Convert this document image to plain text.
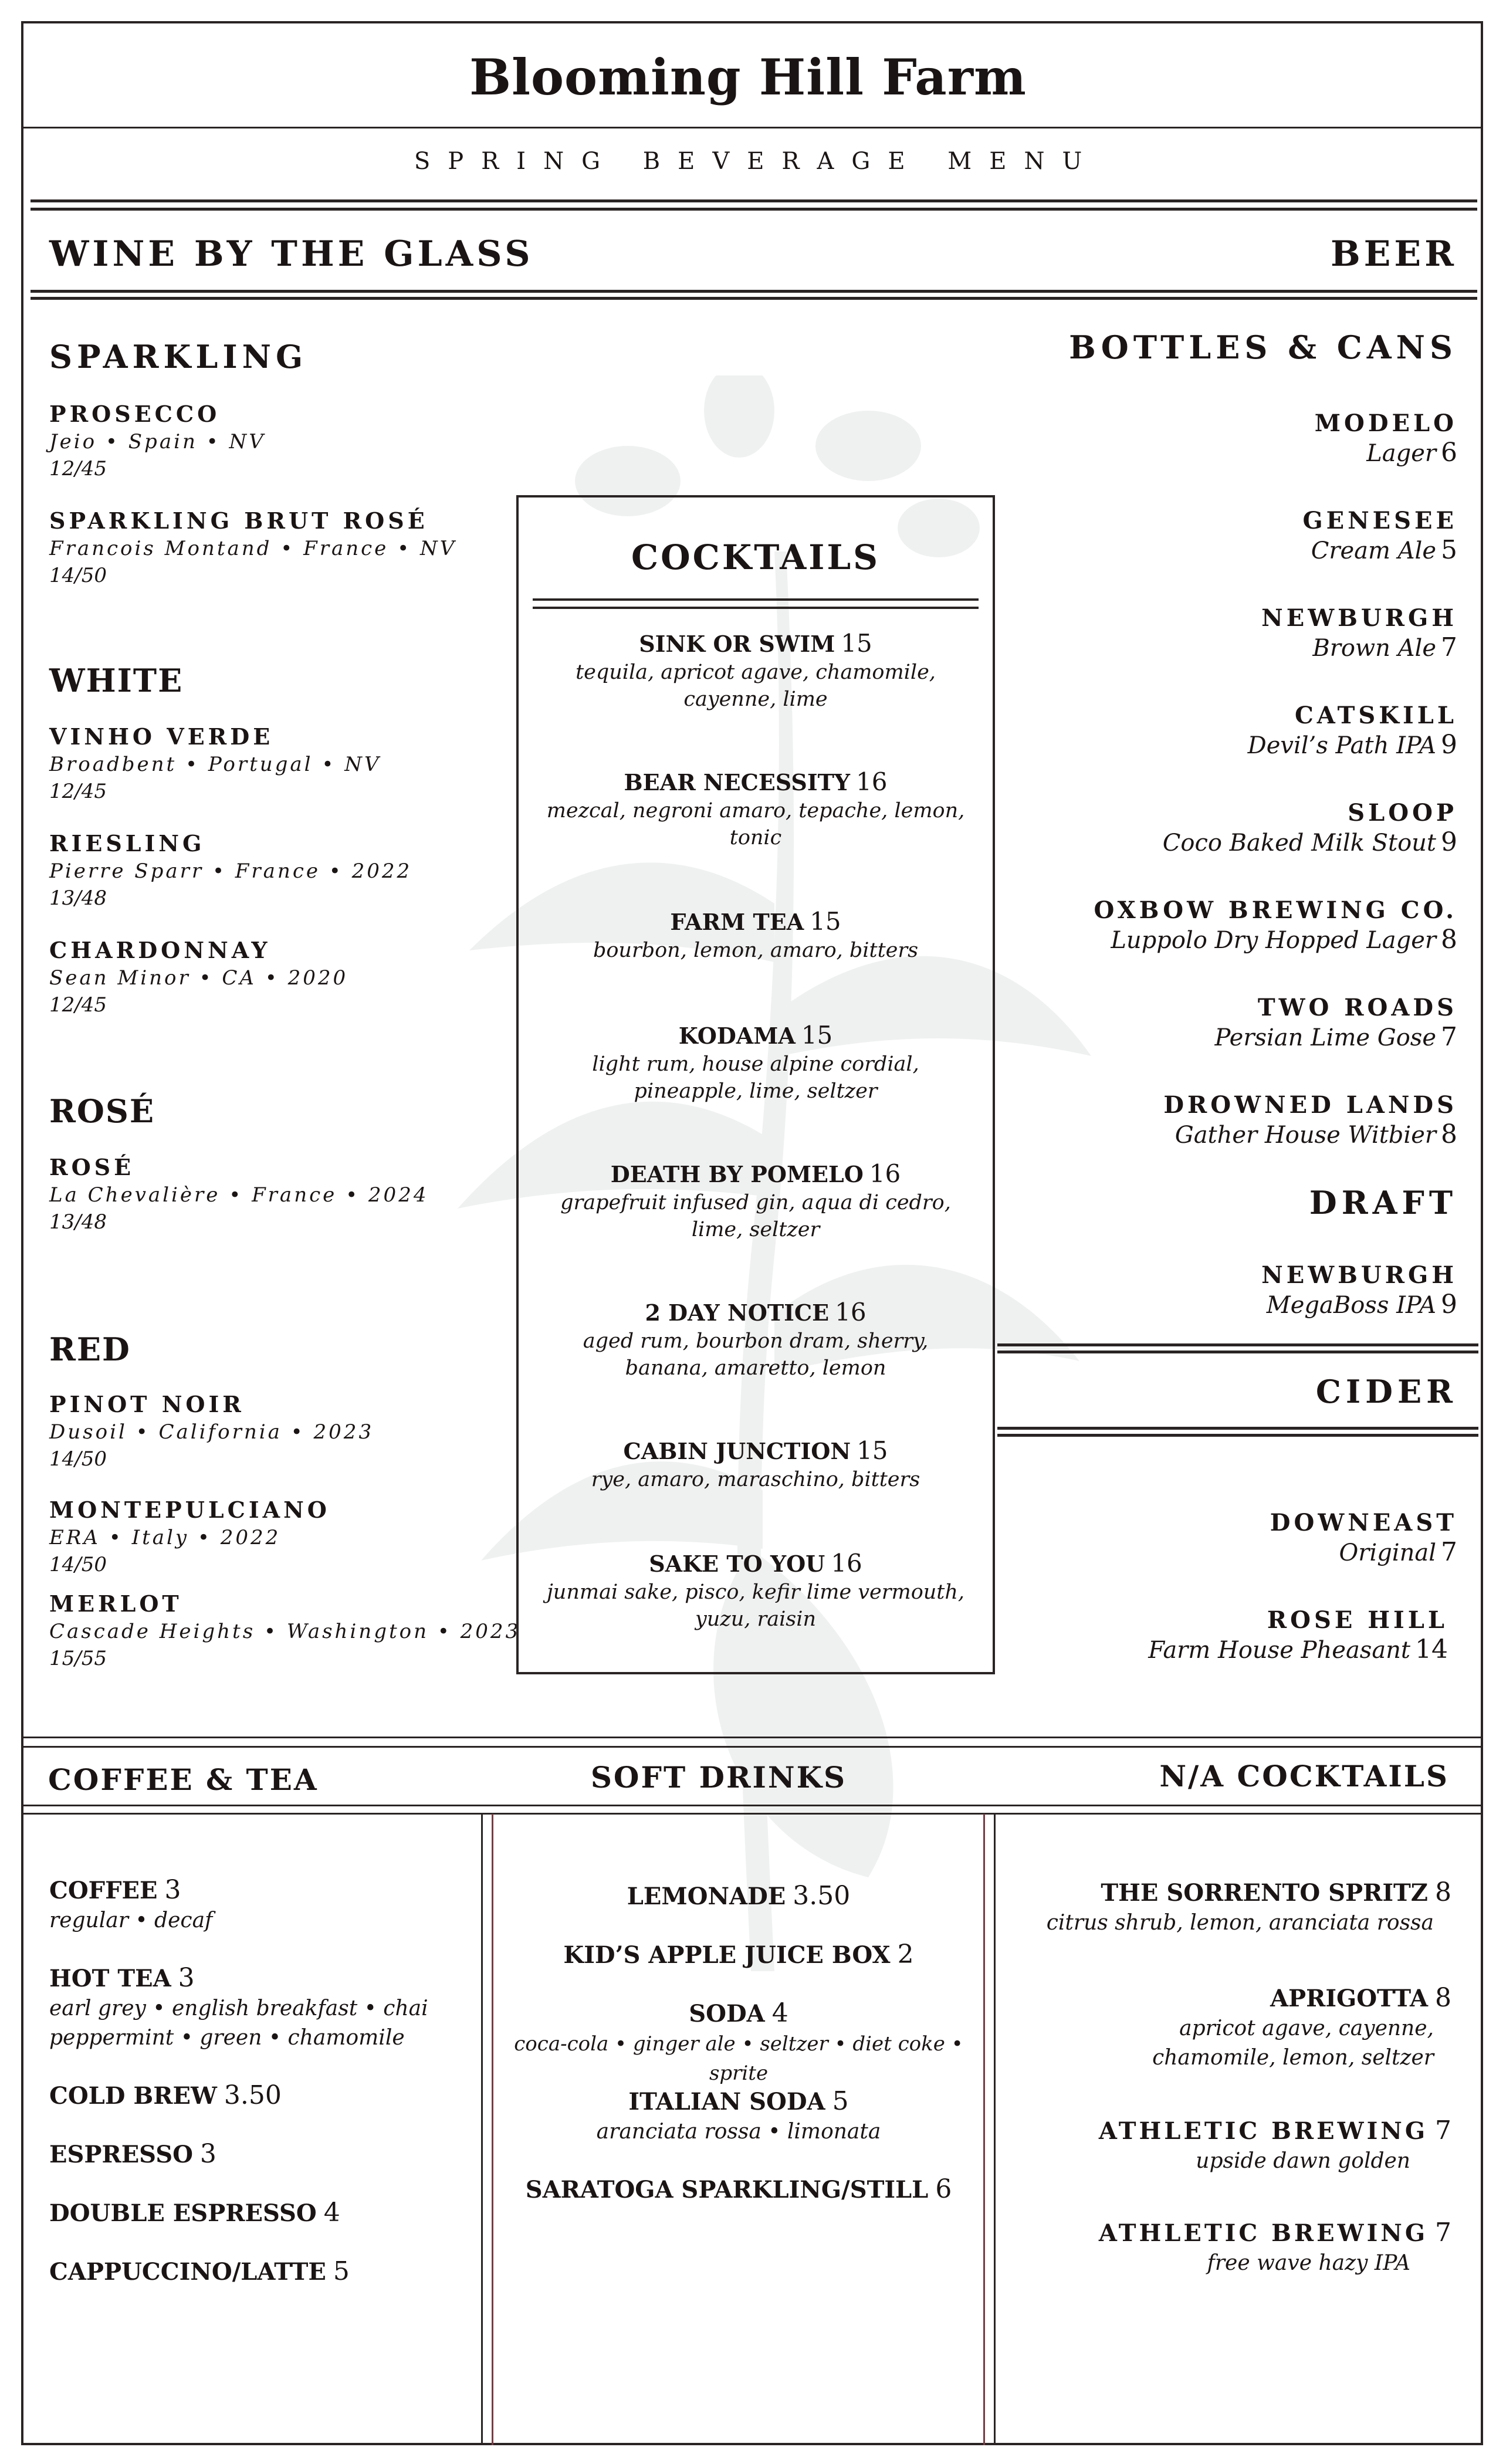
Blooming Hill Farm
SPRING BEVERAGE MENU
WINE BY THE GLASS	BEER
SPARKLING
PROSECCO
Jeio • Spain • NV
12/45
SPARKLING BRUT ROSÉ
Francois Montand • France • NV
14/50
WHITE
VINHO VERDE
Broadbent • Portugal • NV
12/45
RIESLING
Pierre Sparr • France • 2022
13/48
CHARDONNAY
Sean Minor • CA • 2020
12/45
ROSÉ
ROSÉ
La Chevalière • France • 2024
13/48
RED
PINOT NOIR
Dusoil • California • 2023
14/50
MONTEPULCIANO
ERA • Italy • 2022
14/50
MERLOT
Cascade Heights • Washington • 2023
15/55
COCKTAILS
SINK OR SWIM 15
tequila, apricot agave, chamomile, cayenne, lime
BEAR NECESSITY 16
mezcal, negroni amaro, tepache, lemon, tonic
FARM TEA 15
bourbon, lemon, amaro, bitters
KODAMA 15
light rum, house alpine cordial, pineapple, lime, seltzer
DEATH BY POMELO 16
grapefruit infused gin, aqua di cedro, lime, seltzer
2 DAY NOTICE 16
aged rum, bourbon dram, sherry, banana, amaretto, lemon
CABIN JUNCTION 15
rye, amaro, maraschino, bitters
SAKE TO YOU 16
junmai sake, pisco, kefir lime vermouth, yuzu, raisin
BOTTLES & CANS
MODELO
Lager 6
GENESEE
Cream Ale 5
NEWBURGH
Brown Ale 7
CATSKILL
Devil’s Path IPA 9
SLOOP
Coco Baked Milk Stout 9
OXBOW BREWING CO.
Luppolo Dry Hopped Lager 8
TWO ROADS
Persian Lime Gose 7
DROWNED LANDS
Gather House Witbier 8
DRAFT
NEWBURGH
MegaBoss IPA 9
CIDER
DOWNEAST
Original 7
ROSE HILL
Farm House Pheasant 14
COFFEE & TEA	SOFT DRINKS	N/A COCKTAILS
COFFEE 3
regular • decaf
HOT TEA 3
earl grey • english breakfast • chai
peppermint • green • chamomile
COLD BREW 3.50
ESPRESSO 3
DOUBLE ESPRESSO 4
CAPPUCCINO/LATTE 5
LEMONADE 3.50
KID’S APPLE JUICE BOX 2
SODA 4
coca-cola • ginger ale • seltzer • diet coke • sprite
ITALIAN SODA 5
aranciata rossa • limonata
SARATOGA SPARKLING/STILL 6
THE SORRENTO SPRITZ 8
citrus shrub, lemon, aranciata rossa
APRIGOTTA 8
apricot agave, cayenne,
chamomile, lemon, seltzer
ATHLETIC BREWING 7
upside dawn golden
ATHLETIC BREWING 7
free wave hazy IPA
